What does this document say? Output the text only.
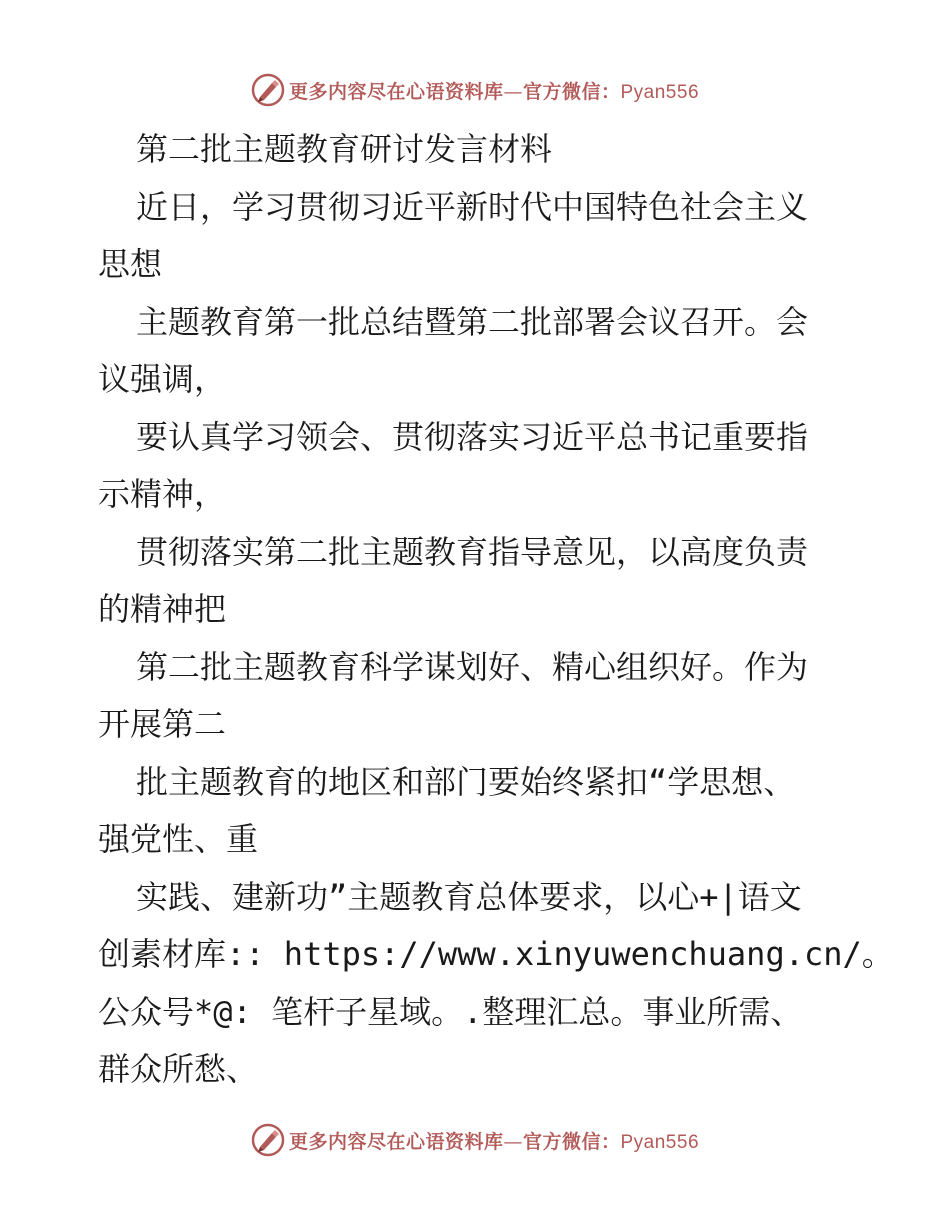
更多内容尽在心语资料库—官方微信：Pyan556
第二批主题教育研讨发言材料
近日，学习贯彻习近平新时代中国特色社会主义
思想
主题教育第一批总结暨第二批部署会议召开。会
议强调，
要认真学习领会、贯彻落实习近平总书记重要指
示精神，
贯彻落实第二批主题教育指导意见，以高度负责
的精神把
第二批主题教育科学谋划好、精心组织好。作为
开展第二
批主题教育的地区和部门要始终紧扣“学思想、
强党性、重
实践、建新功”主题教育总体要求，以心+|语文
创素材库:: https://www.xinyuwenchuang.cn/。
公众号*@: 笔杆子星域。.整理汇总。事业所需、
群众所愁、
更多内容尽在心语资料库—官方微信：Pyan556
